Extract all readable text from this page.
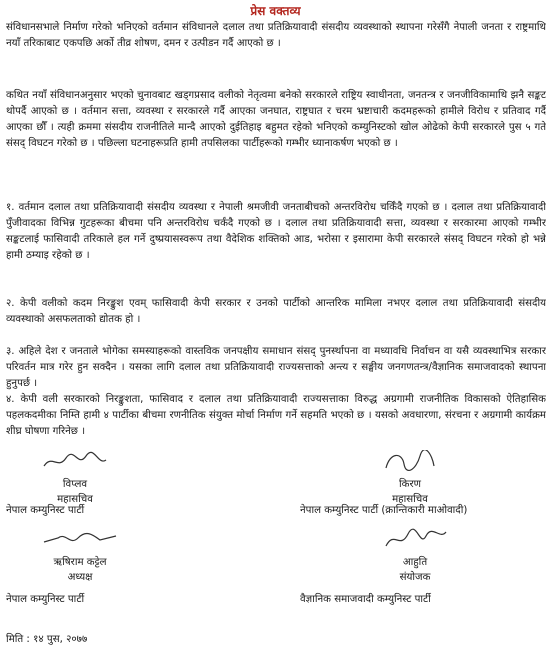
प्रेस वक्तव्य

संविधानसभाले निर्माण गरेको भनिएको वर्तमान संविधानले दलाल तथा प्रतिक्रियावादी संसदीय व्यवस्थाको स्थापना गरेसँगै नेपाली जनता र राष्ट्रमाथि नयाँ तरिकाबाट एकपछि अर्को तीव्र शोषण, दमन र उत्पीडन गर्दै आएको छ ।

कथित नयाँ संविधानअनुसार भएको चुनावबाट खड्गप्रसाद वलीको नेतृत्वमा बनेको सरकारले राष्ट्रिय स्वाधीनता, जनतन्त्र र जनजीविकामाथि झनै सङ्कट थोपर्दै आएको छ । वर्तमान सत्ता, व्यवस्था र सरकारले गर्दै आएका जनघात, राष्ट्रघात र चरम भ्रष्टाचारी कदमहरूको हामीले विरोध र प्रतिवाद गर्दै आएका छौँ । त्यही क्रममा संसदीय राजनीतिले मान्दै आएको दुईतिहाइ बहुमत रहेको भनिएको कम्युनिस्टको खोल ओढेको केपी सरकारले पुस ५ गते संसद् विघटन गरेको छ । पछिल्ला घटनाहरूप्रति हामी तपसिलका पार्टीहरूको गम्भीर ध्यानाकर्षण भएको छ ।

१. वर्तमान दलाल तथा प्रतिक्रियावादी संसदीय व्यवस्था र नेपाली श्रमजीवी जनताबीचको अन्तरविरोध चर्किँदै गएको छ । दलाल तथा प्रतिक्रियावादी पुँजीवादका विभिन्न गुटहरूका बीचमा पनि अन्तरविरोध चर्कंदै गएको छ । दलाल तथा प्रतिक्रियावादी सत्ता, व्यवस्था र सरकारमा आएको गम्भीर सङ्कटलाई फासिवादी तरिकाले हल गर्ने दुष्प्रयासस्वरूप तथा वैदेशिक शक्तिको आड, भरोसा र इसारामा केपी सरकारले संसद् विघटन गरेको हो भन्ने हामी ठम्याइ रहेको छ ।

२. केपी वलीको कदम निरङ्कुश एवम् फासिवादी केपी सरकार र उनको पार्टीको आन्तरिक मामिला नभएर दलाल तथा प्रतिक्रियावादी संसदीय व्यवस्थाको असफलताको द्योतक हो ।

३. अहिले देश र जनताले भोगेका समस्याहरूको वास्तविक जनपक्षीय समाधान संसद् पुनर्स्थापना वा मध्यावधि निर्वाचन वा यसै व्यवस्थाभित्र सरकार परिवर्तन मात्र गरेर हुन सक्दैन । यसका लागि दलाल तथा प्रतिक्रियावादी राज्यसत्ताको अन्त्य र सङ्घीय जनगणतन्त्र/वैज्ञानिक समाजवादको स्थापना हुनुपर्छ ।

४. केपी वली सरकारको निरङ्कुशता, फासिवाद र दलाल तथा प्रतिक्रियावादी राज्यसत्ताका विरुद्ध अग्रगामी राजनीतिक विकासको ऐतिहासिक पहलकदमीका निम्ति हामी ४ पार्टीका बीचमा रणनीतिक संयुक्त मोर्चा निर्माण गर्ने सहमति भएको छ । यसको अवधारणा, संरचना र अग्रगामी कार्यक्रम शीघ्र घोषणा गरिनेछ ।

विप्लव
महासचिव
नेपाल कम्युनिस्ट पार्टी
किरण
महासचिव
नेपाल कम्युनिस्ट पार्टी (क्रान्तिकारी माओवादी)
ऋषिराम कट्टेल
अध्यक्ष
नेपाल कम्युनिस्ट पार्टी
आहुति
संयोजक
वैज्ञानिक समाजवादी कम्युनिस्ट पार्टी
मिति : १४ पुस, २०७७
